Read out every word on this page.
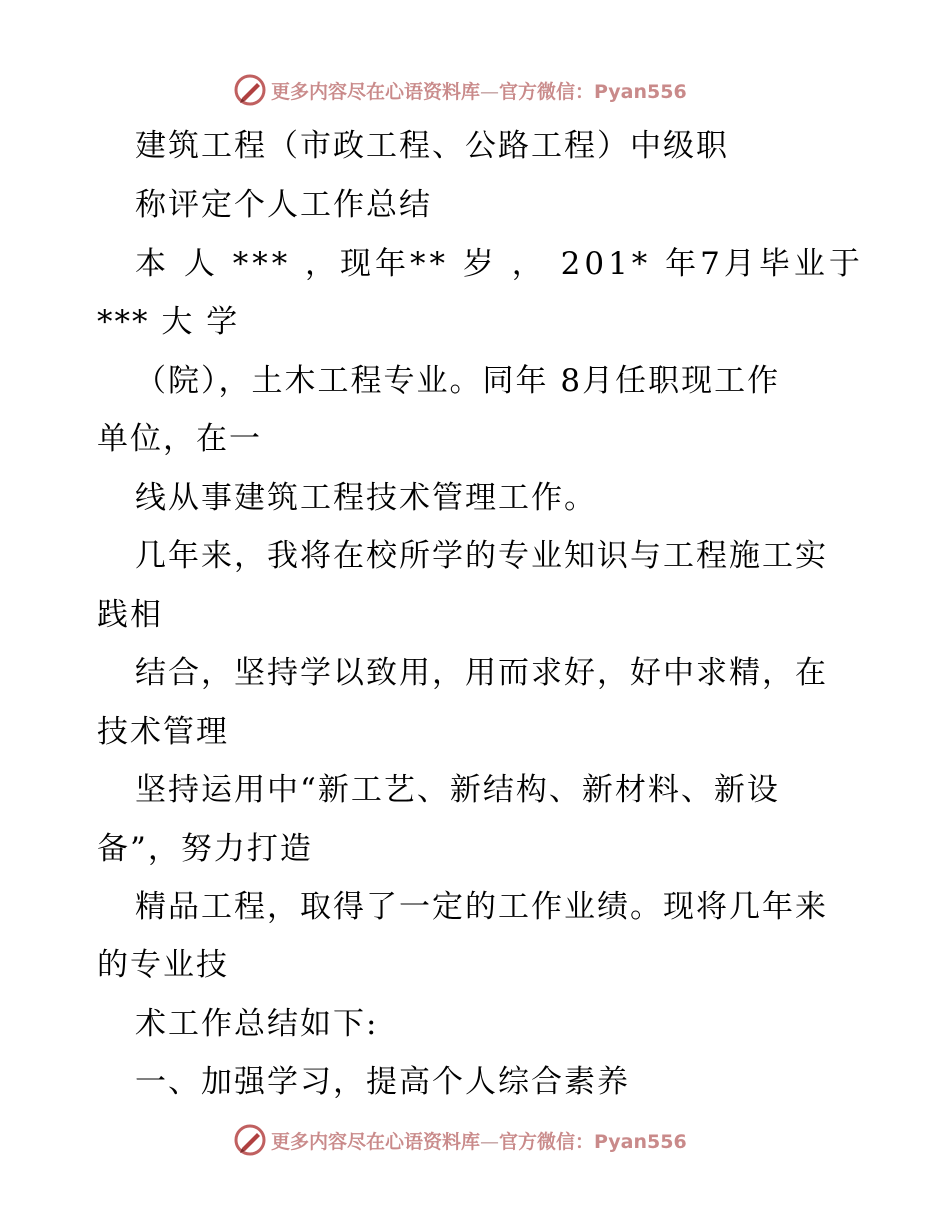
更多内容尽在心语资料库—官方微信：Pyan556
建筑工程（市政工程、公路工程）中级职
称评定个人工作总结
本 人 *** ，现年** 岁 ， 201* 年7月毕业于
*** 大 学
（院），土木工程专业。同年 8月任职现工作
单位，在一
线从事建筑工程技术管理工作。
几年来，我将在校所学的专业知识与工程施工实
践相
结合，坚持学以致用，用而求好，好中求精，在
技术管理
坚持运用中“新工艺、新结构、新材料、新设
备”，努力打造
精品工程，取得了一定的工作业绩。现将几年来
的专业技
术工作总结如下:
一、加强学习，提高个人综合素养
更多内容尽在心语资料库—官方微信：Pyan556
